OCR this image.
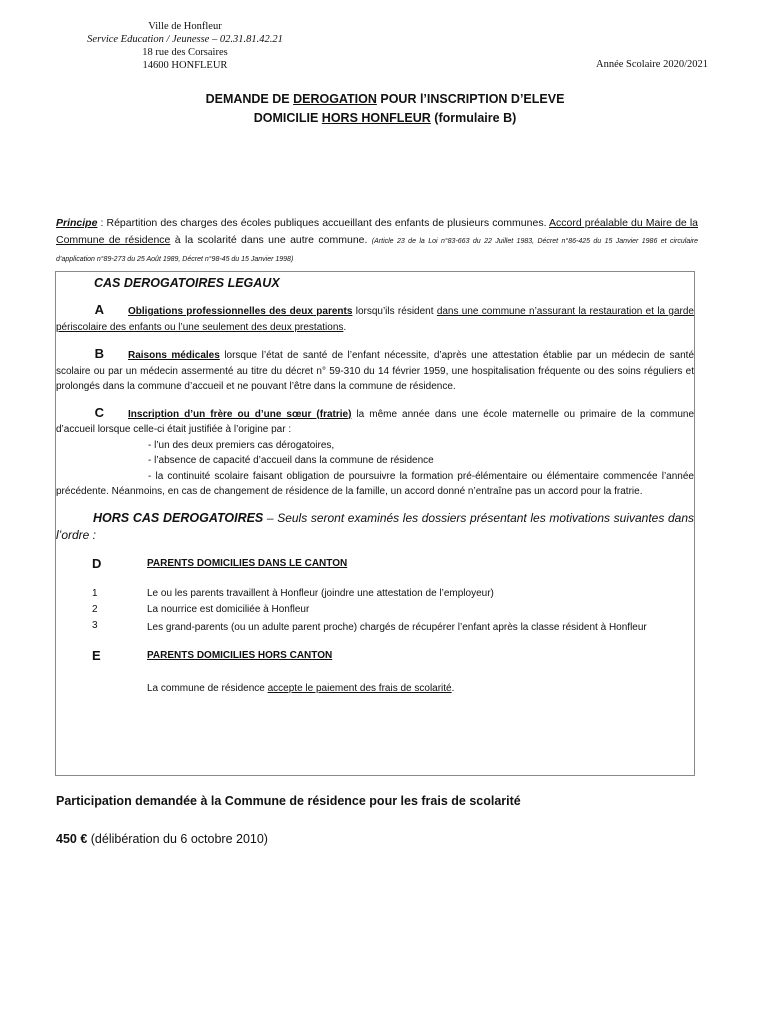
Ville de Honfleur
Service Education / Jeunesse – 02.31.81.42.21
18 rue des Corsaires
14600 HONFLEUR	Année Scolaire 2020/2021
DEMANDE DE DEROGATION POUR l’INSCRIPTION D’ELEVE
DOMICILIE HORS HONFLEUR (formulaire B)
Principe : Répartition des charges des écoles publiques accueillant des enfants de plusieurs communes. Accord préalable du Maire de la Commune de résidence à la scolarité dans une autre commune. (Article 23 de la Loi n°83-663 du 22 Juillet 1983, Décret n°86-425 du 15 Janvier 1986 et circulaire d’application n°89-273 du 25 Août 1989, Décret n°98-45 du 15 Janvier 1998)
CAS DEROGATOIRES LEGAUX
A Obligations professionnelles des deux parents lorsqu’ils résident dans une commune n’assurant la restauration et la garde périscolaire des enfants ou l’une seulement des deux prestations.
B Raisons médicales lorsque l’état de santé de l’enfant nécessite, d’après une attestation établie par un médecin de santé scolaire ou par un médecin assermenté au titre du décret n° 59-310 du 14 février 1959, une hospitalisation fréquente ou des soins réguliers et prolongés dans la commune d’accueil et ne pouvant l’être dans la commune de résidence.
C Inscription d’un frère ou d’une sœur (fratrie) la même année dans une école maternelle ou primaire de la commune d’accueil lorsque celle-ci était justifiée à l’origine par :
- l’un des deux premiers cas dérogatoires,
- l’absence de capacité d’accueil dans la commune de résidence
- la continuité scolaire faisant obligation de poursuivre la formation pré-élémentaire ou élémentaire commencée l’année précédente. Néanmoins, en cas de changement de résidence de la famille, un accord donné n’entraîne pas un accord pour la fratrie.
HORS CAS DEROGATOIRES – Seuls seront examinés les dossiers présentant les motivations suivantes dans l’ordre :
D	PARENTS DOMICILIES DANS LE CANTON
1	Le ou les parents travaillent à Honfleur (joindre une attestation de l’employeur)
2	La nourrice est domiciliée à Honfleur
3	Les grand-parents (ou un adulte parent proche) chargés de récupérer l’enfant après la classe résident à Honfleur
E	PARENTS DOMICILIES HORS CANTON
La commune de résidence accepte le paiement des frais de scolarité.
Participation demandée à la Commune de résidence pour les frais de scolarité
450 € (délibération du 6 octobre 2010)
